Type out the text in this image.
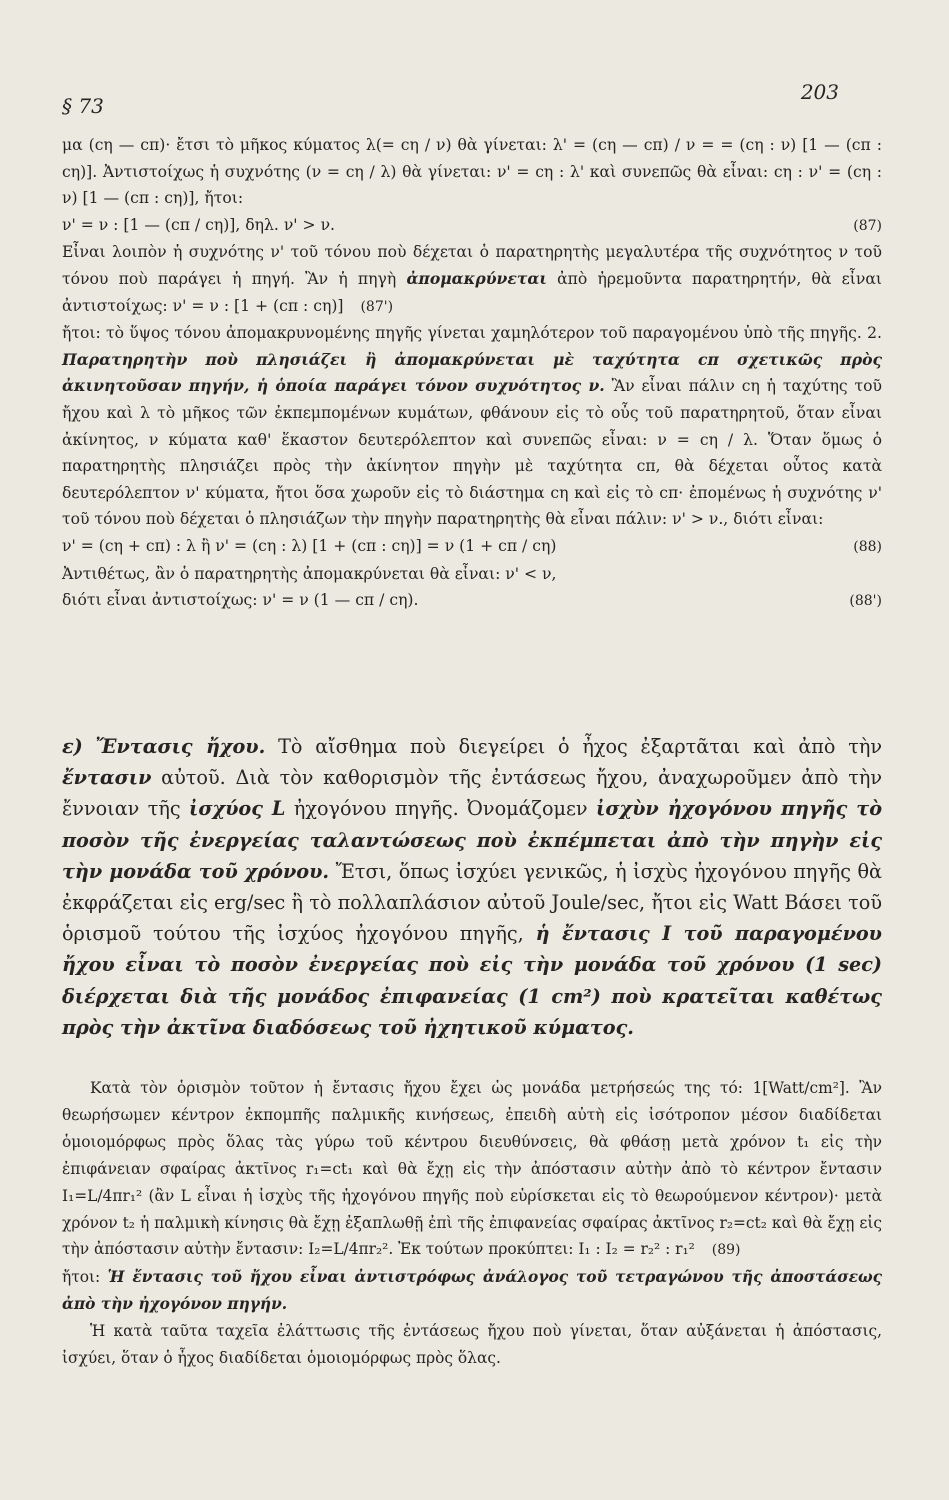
§ 73
203

μα (cη — cπ)· ἔτσι τὸ μῆκος κύματος λ(= cη / ν) θὰ γίνεται: λ' = (cη — cπ) / ν = = (cη : ν) [1 — (cπ : cη)]. Ἀντιστοίχως ἡ συχνότης (ν = cη / λ) θὰ γίνεται: ν' = cη : λ' καὶ συνεπῶς θὰ εἶναι: cη : ν' = (cη : ν) [1 — (cπ : cη)], ἤτοι:

ν' = ν : [1 — (cπ / cη)], δηλ. ν' > ν.	(87)

Εἶναι λοιπὸν ἡ συχνότης ν' τοῦ τόνου ποὺ δέχεται ὁ παρατηρητὴς μεγαλυτέρα τῆς συχνότητος ν τοῦ τόνου ποὺ παράγει ἡ πηγή. Ἂν ἡ πηγὴ ἀπομακρύνεται ἀπὸ ἠρεμοῦντα παρατηρητήν, θὰ εἶναι ἀντιστοίχως: ν' = ν : [1 + (cπ : cη)] (87')

ἤτοι: τὸ ὕψος τόνου ἀπομακρυνομένης πηγῆς γίνεται χαμηλότερον τοῦ παραγομένου ὑπὸ τῆς πηγῆς. 2. Παρατηρητὴν ποὺ πλησιάζει ἢ ἀπομακρύνεται μὲ ταχύτητα cπ σχετικῶς πρὸς ἀκινητοῦσαν πηγήν, ἡ ὁποία παράγει τόνον συχνότητος ν. Ἂν εἶναι πάλιν cη ἡ ταχύτης τοῦ ἤχου καὶ λ τὸ μῆκος τῶν ἐκπεμπομένων κυμάτων, φθάνουν εἰς τὸ οὖς τοῦ παρατηρητοῦ, ὅταν εἶναι ἀκίνητος, ν κύματα καθ' ἕκαστον δευτερόλεπτον καὶ συνεπῶς εἶναι: ν = cη / λ. Ὅταν ὅμως ὁ παρατηρητὴς πλησιάζει πρὸς τὴν ἀκίνητον πηγὴν μὲ ταχύτητα cπ, θὰ δέχεται οὗτος κατὰ δευτερόλεπτον ν' κύματα, ἤτοι ὅσα χωροῦν εἰς τὸ διάστημα cη καὶ εἰς τὸ cπ· ἐπομένως ἡ συχνότης ν' τοῦ τόνου ποὺ δέχεται ὁ πλησιάζων τὴν πηγὴν παρατηρητὴς θὰ εἶναι πάλιν: ν' > ν., διότι εἶναι:

ν' = (cη + cπ) : λ ἢ ν' = (cη : λ) [1 + (cπ : cη)] = ν (1 + cπ / cη)	(88)

Ἀντιθέτως, ἂν ὁ παρατηρητὴς ἀπομακρύνεται θὰ εἶναι: ν' < ν,

διότι εἶναι ἀντιστοίχως: ν' = ν (1 — cπ / cη).	(88')
ε) Ἔντασις ἤχου. Τὸ αἴσθημα ποὺ διεγείρει ὁ ἦχος ἐξαρτᾶται καὶ ἀπὸ τὴν ἔντασιν αὐτοῦ. Διὰ τὸν καθορισμὸν τῆς ἐντάσεως ἤχου, ἀναχωροῦμεν ἀπὸ τὴν ἔννοιαν τῆς ἰσχύος L ἠχογόνου πηγῆς. Ὀνομάζομεν ἰσχὺν ἠχογόνου πηγῆς τὸ ποσὸν τῆς ἐνεργείας ταλαντώσεως ποὺ ἐκπέμπεται ἀπὸ τὴν πηγὴν εἰς τὴν μονάδα τοῦ χρόνου. Ἔτσι, ὅπως ἰσχύει γενικῶς, ἡ ἰσχὺς ἠχογόνου πηγῆς θὰ ἐκφράζεται εἰς erg/sec ἢ τὸ πολλαπλάσιον αὐτοῦ Joule/sec, ἤτοι εἰς Watt Βάσει τοῦ ὁρισμοῦ τούτου τῆς ἰσχύος ἠχογόνου πηγῆς, ἡ ἔντασις I τοῦ παραγομένου ἤχου εἶναι τὸ ποσὸν ἐνεργείας ποὺ εἰς τὴν μονάδα τοῦ χρόνου (1 sec) διέρχεται διὰ τῆς μονάδος ἐπιφανείας (1 cm²) ποὺ κρατεῖται καθέτως πρὸς τὴν ἀκτῖνα διαδόσεως τοῦ ἠχητικοῦ κύματος.

Κατὰ τὸν ὁρισμὸν τοῦτον ἡ ἔντασις ἤχου ἔχει ὡς μονάδα μετρήσεώς της τό: 1[Watt/cm²]. Ἂν θεωρήσωμεν κέντρον ἐκπομπῆς παλμικῆς κινήσεως, ἐπειδὴ αὐτὴ εἰς ἰσότροπον μέσον διαδίδεται ὁμοιομόρφως πρὸς ὅλας τὰς γύρω τοῦ κέντρου διευθύνσεις, θὰ φθάσῃ μετὰ χρόνον t₁ εἰς τὴν ἐπιφάνειαν σφαίρας ἀκτῖνος r₁=ct₁ καὶ θὰ ἔχῃ εἰς τὴν ἀπόστασιν αὐτὴν ἀπὸ τὸ κέντρον ἔντασιν I₁=L/4πr₁² (ἂν L εἶναι ἡ ἰσχὺς τῆς ἠχογόνου πηγῆς ποὺ εὑρίσκεται εἰς τὸ θεωρούμενον κέντρον)· μετὰ χρόνον t₂ ἡ παλμικὴ κίνησις θὰ ἔχῃ ἐξαπλωθῇ ἐπὶ τῆς ἐπιφανείας σφαίρας ἀκτῖνος r₂=ct₂ καὶ θὰ ἔχῃ εἰς τὴν ἀπόστασιν αὐτὴν ἔντασιν: I₂=L/4πr₂². Ἐκ τούτων προκύπτει: I₁ : I₂ = r₂² : r₁² (89)

ἤτοι: Ἡ ἔντασις τοῦ ἤχου εἶναι ἀντιστρόφως ἀνάλογος τοῦ τετραγώνου τῆς ἀποστάσεως ἀπὸ τὴν ἠχογόνον πηγήν.

Ἡ κατὰ ταῦτα ταχεῖα ἐλάττωσις τῆς ἐντάσεως ἤχου ποὺ γίνεται, ὅταν αὐξάνεται ἡ ἀπόστασις, ἰσχύει, ὅταν ὁ ἦχος διαδίδεται ὁμοιομόρφως πρὸς ὅλας.
